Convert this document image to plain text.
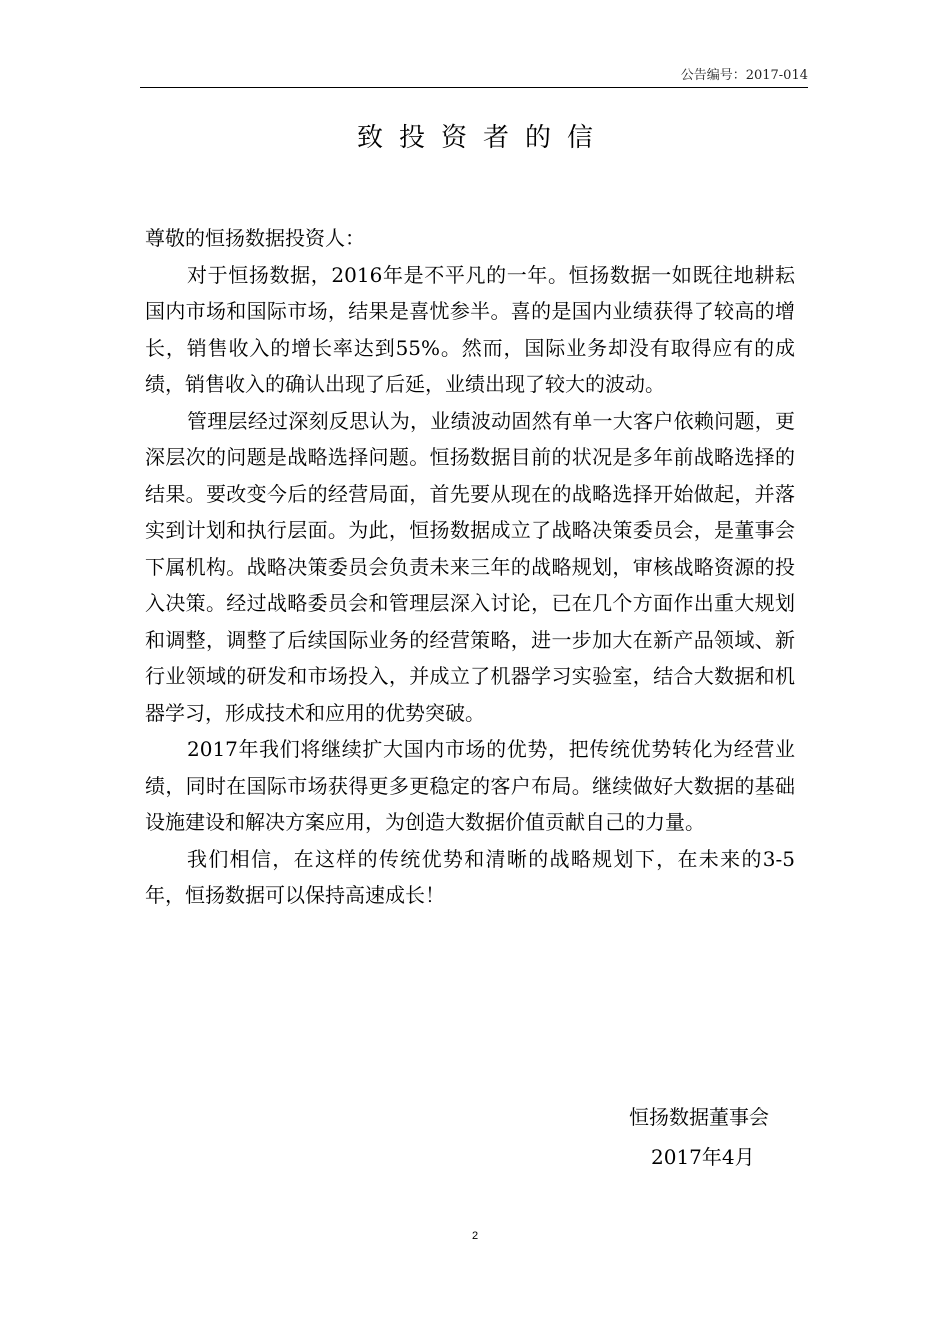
公告编号：2017-014
致投资者的信

尊敬的恒扬数据投资人：

对于恒扬数据，2016年是不平凡的一年。恒扬数据一如既往地耕耘国内市场和国际市场，结果是喜忧参半。喜的是国内业绩获得了较高的增长，销售收入的增长率达到55%。然而，国际业务却没有取得应有的成绩，销售收入的确认出现了后延，业绩出现了较大的波动。

管理层经过深刻反思认为，业绩波动固然有单一大客户依赖问题，更深层次的问题是战略选择问题。恒扬数据目前的状况是多年前战略选择的结果。要改变今后的经营局面，首先要从现在的战略选择开始做起，并落实到计划和执行层面。为此，恒扬数据成立了战略决策委员会，是董事会下属机构。战略决策委员会负责未来三年的战略规划，审核战略资源的投入决策。经过战略委员会和管理层深入讨论，已在几个方面作出重大规划和调整，调整了后续国际业务的经营策略，进一步加大在新产品领域、新行业领域的研发和市场投入，并成立了机器学习实验室，结合大数据和机器学习，形成技术和应用的优势突破。

2017年我们将继续扩大国内市场的优势，把传统优势转化为经营业绩，同时在国际市场获得更多更稳定的客户布局。继续做好大数据的基础设施建设和解决方案应用，为创造大数据价值贡献自己的力量。

我们相信，在这样的传统优势和清晰的战略规划下，在未来的3-5年，恒扬数据可以保持高速成长！

恒扬数据董事会
2017年4月
2
